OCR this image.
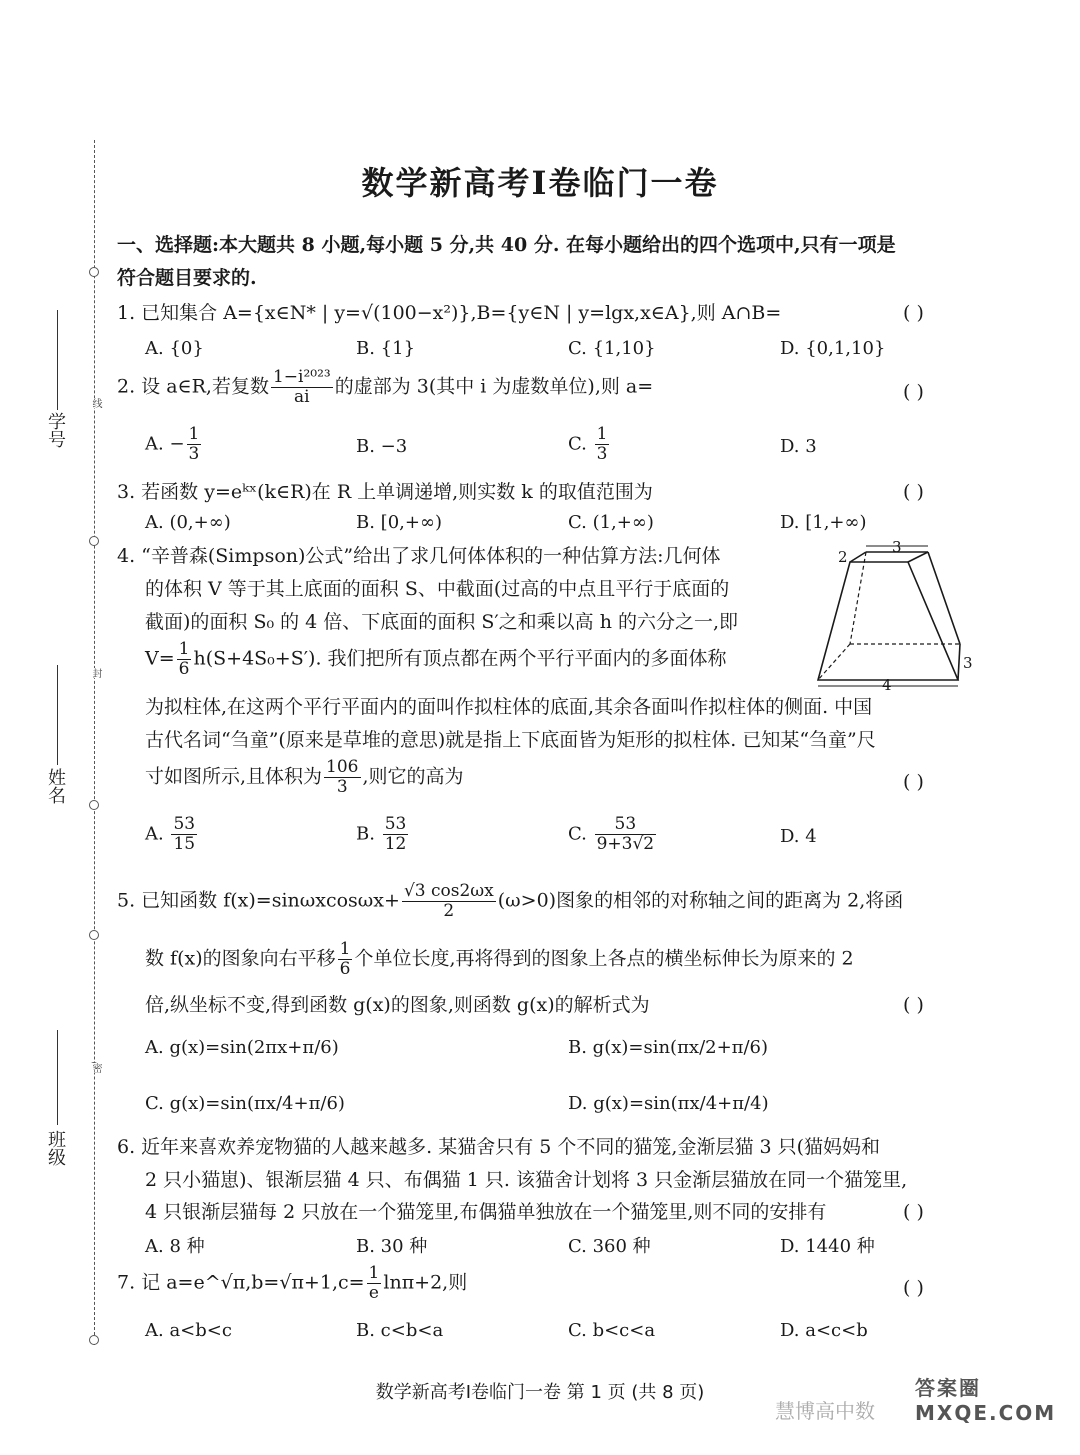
线
封
密
学号
姓名
班级
数学新高考Ⅰ卷临门一卷
一、选择题:本大题共 8 小题,每小题 5 分,共 40 分. 在每小题给出的四个选项中,只有一项是
符合题目要求的.
1. 已知集合 A={x∈N* | y=√(100−x²)},B={y∈N | y=lgx,x∈A},则 A∩B=	( )
A. {0}	B. {1}	C. {1,10}	D. {0,1,10}
2. 设 a∈R,若复数 $\frac{\text{1−i²⁰²³}}{ai}$ 的虚部为 3(其中 i 为虚数单位),则 a=	( )
A. − $\frac{1}{3}$	B. −3	C. $\frac{1}{3}$	D. 3
3. 若函数 y=eᵏˣ(k∈R)在 R 上单调递增,则实数 k 的取值范围为	( )
A. (0,+∞)	B. [0,+∞)	C. (1,+∞)	D. [1,+∞)
4. “辛普森(Simpson)公式”给出了求几何体体积的一种估算方法:几何体
的体积 V 等于其上底面的面积 S、中截面(过高的中点且平行于底面的
截面)的面积 S₀ 的 4 倍、下底面的面积 S′之和乘以高 h 的六分之一,即
$V= \frac{1}{6} h(S+4S_0+S')$. 我们把所有顶点都在两个平行平面内的多面体称
为拟柱体,在这两个平行平面内的面叫作拟柱体的底面,其余各面叫作拟柱体的侧面. 中国
古代名词“刍童”(原来是草堆的意思)就是指上下底面皆为矩形的拟柱体. 已知某“刍童”尺
寸如图所示,且体积为 $\frac{106}{3}$ ,则它的高为	( )
3
2
4
3
A. $\frac{53}{15}$	B. $\frac{53}{12}$	C. $\frac{53}{9+3√2}$	D. 4
5. 已知函数 $f(x)=\sin\omega xcos\omega x+ \frac{√3 \cos 2\omega x}{2} (\omega>0)$图象的相邻的对称轴之间的距离为 2,将函
数 f(x)的图象向右平移 $\frac{1}{6}$ 个单位长度,再将得到的图象上各点的横坐标伸长为原来的 2
倍,纵坐标不变,得到函数 g(x)的图象,则函数 g(x)的解析式为	( )
A. g(x)=sin(2πx+π/6)	B. g(x)=sin(πx/2+π/6)
C. g(x)=sin(πx/4+π/6)	D. g(x)=sin(πx/4+π/4)
6. 近年来喜欢养宠物猫的人越来越多. 某猫舍只有 5 个不同的猫笼,金渐层猫 3 只(猫妈妈和
2 只小猫崽)、银渐层猫 4 只、布偶猫 1 只. 该猫舍计划将 3 只金渐层猫放在同一个猫笼里,
4 只银渐层猫每 2 只放在一个猫笼里,布偶猫单独放在一个猫笼里,则不同的安排有	( )
A. 8 种	B. 30 种	C. 360 种	D. 1440 种
7. 记 a=e^√π,b=√π+1,c= $\frac{1}{e} \ln\pi+2$,则	( )
A. a<b<c	B. c<b<a	C. b<c<a	D. a<c<b
数学新高考Ⅰ卷临门一卷 第 1 页 (共 8 页)
慧博高中数
答案圈 MXQE.COM
